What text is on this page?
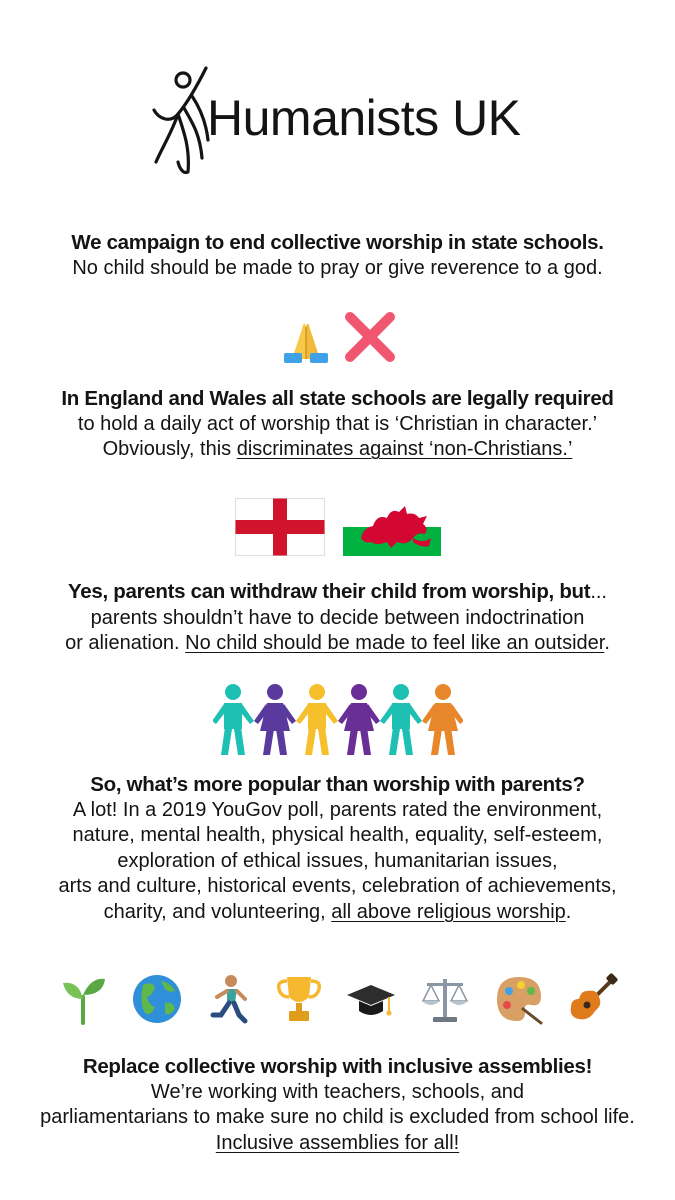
Humanists UK

We campaign to end collective worship in state schools.

No child should be made to pray or give reverence to a god.

In England and Wales all state schools are legally required

to hold a daily act of worship that is ‘Christian in character.’

Obviously, this discriminates against ‘non-Christians.’

Yes, parents can withdraw their child from worship, but...

parents shouldn’t have to decide between indoctrination

or alienation. No child should be made to feel like an outsider.

So, what’s more popular than worship with parents?

A lot! In a 2019 YouGov poll, parents rated the environment,

nature, mental health, physical health, equality, self-esteem,

exploration of ethical issues, humanitarian issues,

arts and culture, historical events, celebration of achievements,

charity, and volunteering, all above religious worship.

Replace collective worship with inclusive assemblies!

We’re working with teachers, schools, and

parliamentarians to make sure no child is excluded from school life.

Inclusive assemblies for all!
